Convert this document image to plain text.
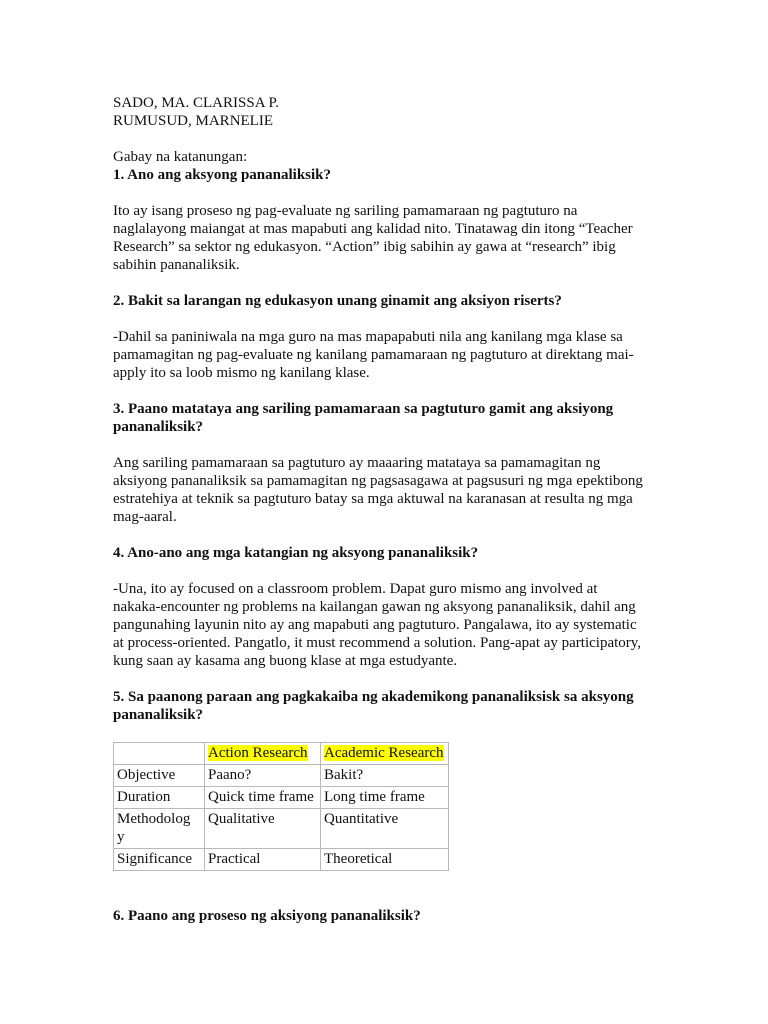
SADO, MA. CLARISSA P.

RUMUSUD, MARNELIE

Gabay na katanungan:

1. Ano ang aksyong pananaliksik?

Ito ay isang proseso ng pag-evaluate ng sariling pamamaraan ng pagtuturo na naglalayong maiangat at mas mapabuti ang kalidad nito. Tinatawag din itong “Teacher Research” sa sektor ng edukasyon. “Action” ibig sabihin ay gawa at “research” ibig sabihin pananaliksik.

2. Bakit sa larangan ng edukasyon unang ginamit ang aksiyon riserts?

-Dahil sa paniniwala na mga guro na mas mapapabuti nila ang kanilang mga klase sa pamamagitan ng pag-evaluate ng kanilang pamamaraan ng pagtuturo at direktang mai-apply ito sa loob mismo ng kanilang klase.

3. Paano matataya ang sariling pamamaraan sa pagtuturo gamit ang aksiyong pananaliksik?

Ang sariling pamamaraan sa pagtuturo ay maaaring matataya sa pamamagitan ng aksiyong pananaliksik sa pamamagitan ng pagsasagawa at pagsusuri ng mga epektibong estratehiya at teknik sa pagtuturo batay sa mga aktuwal na karanasan at resulta ng mga mag-aaral.

4. Ano-ano ang mga katangian ng aksyong pananaliksik?

-Una, ito ay focused on a classroom problem. Dapat guro mismo ang involved at nakaka-encounter ng problems na kailangan gawan ng aksyong pananaliksik, dahil ang pangunahing layunin nito ay ang mapabuti ang pagtuturo. Pangalawa, ito ay systematic at process-oriented. Pangatlo, it must recommend a solution. Pang-apat ay participatory, kung saan ay kasama ang buong klase at mga estudyante.

5. Sa paanong paraan ang pagkakaiba ng akademikong pananaliksisk sa aksyong pananaliksik?

	Action Research	Academic Research
Objective	Paano?	Bakit?
Duration	Quick time frame	Long time frame
Methodolog y	Qualitative	Quantitative
Significance	Practical	Theoretical

6. Paano ang proseso ng aksiyong pananaliksik?
